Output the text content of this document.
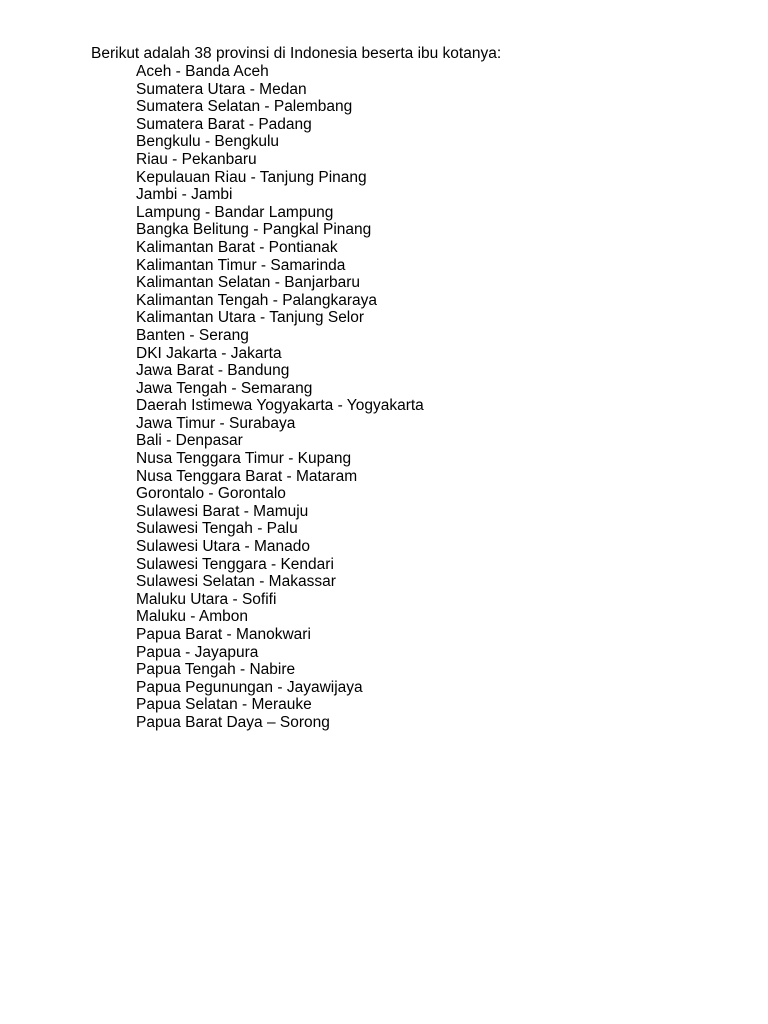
Berikut adalah 38 provinsi di Indonesia beserta ibu kotanya:
Aceh - Banda Aceh
Sumatera Utara - Medan
Sumatera Selatan - Palembang
Sumatera Barat - Padang
Bengkulu - Bengkulu
Riau - Pekanbaru
Kepulauan Riau - Tanjung Pinang
Jambi - Jambi
Lampung - Bandar Lampung
Bangka Belitung - Pangkal Pinang
Kalimantan Barat - Pontianak
Kalimantan Timur - Samarinda
Kalimantan Selatan - Banjarbaru
Kalimantan Tengah - Palangkaraya
Kalimantan Utara - Tanjung Selor
Banten - Serang
DKI Jakarta - Jakarta
Jawa Barat - Bandung
Jawa Tengah - Semarang
Daerah Istimewa Yogyakarta - Yogyakarta
Jawa Timur - Surabaya
Bali - Denpasar
Nusa Tenggara Timur - Kupang
Nusa Tenggara Barat - Mataram
Gorontalo - Gorontalo
Sulawesi Barat - Mamuju
Sulawesi Tengah - Palu
Sulawesi Utara - Manado
Sulawesi Tenggara - Kendari
Sulawesi Selatan - Makassar
Maluku Utara - Sofifi
Maluku - Ambon
Papua Barat - Manokwari
Papua - Jayapura
Papua Tengah - Nabire
Papua Pegunungan - Jayawijaya
Papua Selatan - Merauke
Papua Barat Daya – Sorong
